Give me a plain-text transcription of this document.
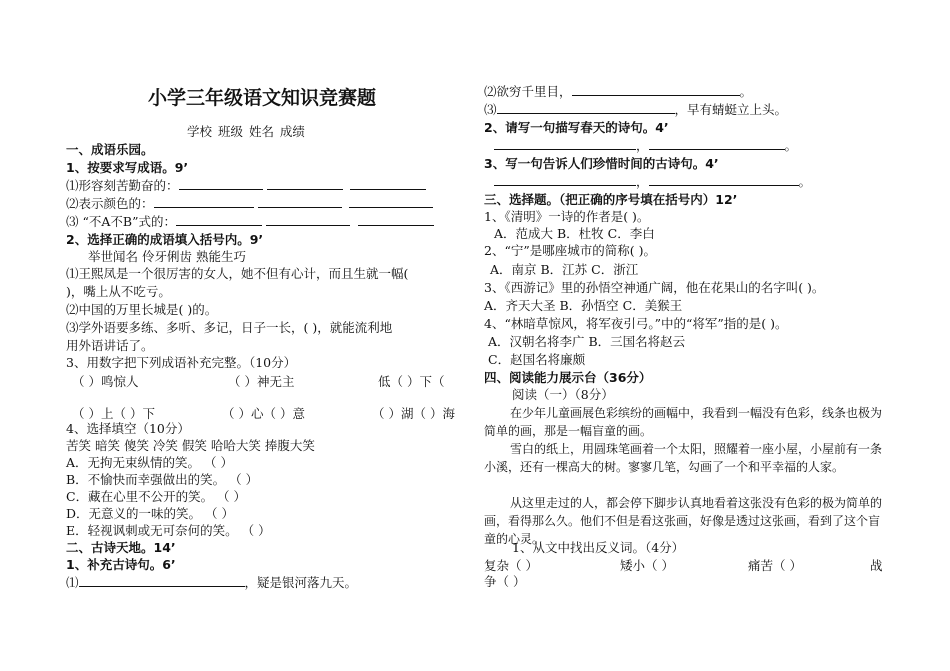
小学三年级语文知识竞赛题
学校 班级 姓名 成绩
一、成语乐园。
1、按要求写成语。9’
⑴形容刻苦勤奋的：
⑵表示颜色的：
⑶ “不A不B”式的：
2、选择正确的成语填入括号内。9’
举世闻名 伶牙俐齿 熟能生巧
⑴王熙凤是一个很厉害的女人，她不但有心计，而且生就一幅(
)，嘴上从不吃亏。
⑵中国的万里长城是( )的。
⑶学外语要多练、多听、多记，日子一长，( )，就能流利地
用外语讲话了。
3、用数字把下列成语补充完整。（10分）
（ ）鸣惊人	（ ）神无主	低（ ）下（
（ ）上（ ）下	（ ）心（ ）意	（ ）湖（ ）海
4、选择填空（10分）
苦笑 暗笑 傻笑 冷笑 假笑 哈哈大笑 捧腹大笑
A．无拘无束纵情的笑。 （ ）
B．不愉快而幸强做出的笑。 （ ）
C．藏在心里不公开的笑。 （ ）
D．无意义的一味的笑。 （ ）
E．轻视讽刺或无可奈何的笑。 （ ）
二、古诗天地。14’
1、补充古诗句。6’
⑴	，疑是银河落九天。
⑵欲穷千里目，	。
⑶	，早有蜻蜓立上头。
2、请写一句描写春天的诗句。4’
，	。
3、写一句告诉人们珍惜时间的古诗句。4’
，	。
三、选择题。（把正确的序号填在括号内）12’
1、《清明》一诗的作者是( )。
A．范成大 B．杜牧 C．李白
2、“宁”是哪座城市的简称( )。
A．南京 B．江苏 C．浙江
3、《西游记》里的孙悟空神通广阔，他在花果山的名字叫( )。
A．齐天大圣 B．孙悟空 C．美猴王
4、“林暗草惊风，将军夜引弓。”中的“将军”指的是( )。
A．汉朝名将李广 B．三国名将赵云
C．赵国名将廉颇
四、阅读能力展示台（36分）
阅读（一）（8分）
在少年儿童画展色彩缤纷的画幅中，我看到一幅没有色彩，线条也极为简单的画，那是一幅盲童的画。
雪白的纸上，用圆珠笔画着一个太阳，照耀着一座小屋，小屋前有一条小溪，还有一棵高大的树。寥寥几笔，勾画了一个和平幸福的人家。
从这里走过的人，都会停下脚步认真地看着这张没有色彩的极为简单的画，看得那么久。他们不但是看这张画，好像是透过这张画，看到了这个盲童的心灵。
1、从文中找出反义词。（4分）
复杂（ ）	矮小（ ）	痛苦（ ）	战
争（ ）
